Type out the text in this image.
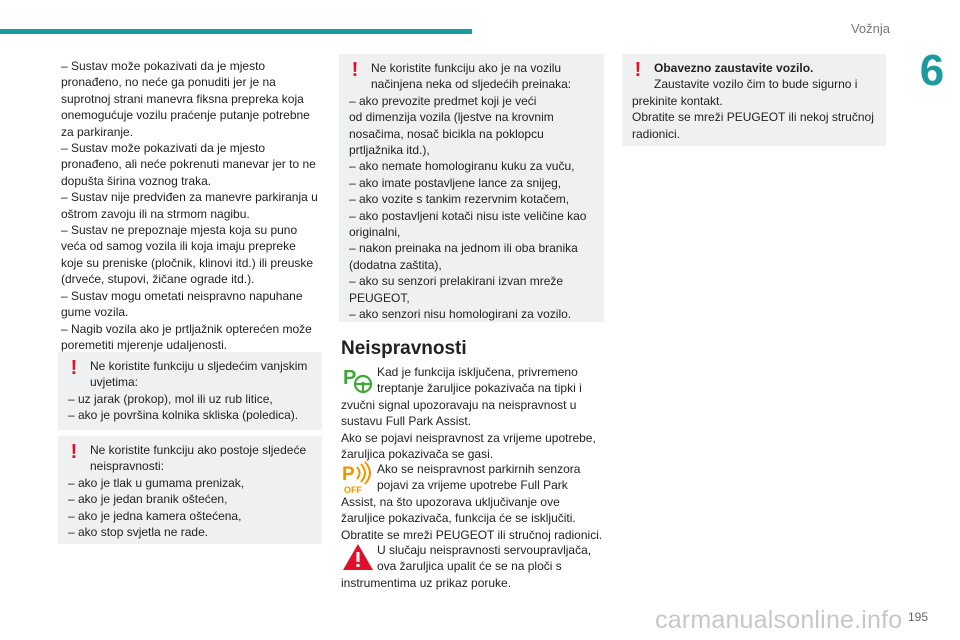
Vožnja
6

– Sustav može pokazivati da je mjesto

pronađeno, no neće ga ponuditi jer je na

suprotnoj strani manevra fiksna prepreka koja

onemogućuje vozilu praćenje putanje potrebne

za parkiranje.

– Sustav može pokazivati da je mjesto

pronađeno, ali neće pokrenuti manevar jer to ne

dopušta širina voznog traka.

– Sustav nije predviđen za manevre parkiranja u

oštrom zavoju ili na strmom nagibu.

– Sustav ne prepoznaje mjesta koja su puno

veća od samog vozila ili koja imaju prepreke

koje su preniske (pločnik, klinovi itd.) ili preuske

(drveće, stupovi, žičane ograde itd.).

– Sustav mogu ometati neispravno napuhane

gume vozila.

– Nagib vozila ako je prtljažnik opterećen može

poremetiti mjerenje udaljenosti.

! Ne koristite funkciju u sljedećim vanjskim
uvjetima:
– uz jarak (prokop), mol ili uz rub litice,
– ako je površina kolnika skliska (poledica).
! Ne koristite funkciju ako postoje sljedeće
neispravnosti:
– ako je tlak u gumama prenizak,
– ako je jedan branik oštećen,
– ako je jedna kamera oštećena,
– ako stop svjetla ne rade.
! Ne koristite funkciju ako je na vozilu
načinjena neka od sljedećih preinaka:
– ako prevozite predmet koji je veći
od dimenzija vozila (ljestve na krovnim
nosačima, nosač bicikla na poklopcu
prtljažnika itd.),
– ako nemate homologiranu kuku za vuču,
– ako imate postavljene lance za snijeg,
– ako vozite s tankim rezervnim kotačem,
– ako postavljeni kotači nisu iste veličine kao
originalni,
– nakon preinaka na jednom ili oba branika
(dodatna zaštita),
– ako su senzori prelakirani izvan mreže
PEUGEOT,
– ako senzori nisu homologirani za vozilo.
Neispravnosti
P	Kad je funkcija isključena, privremeno
treptanje žaruljice pokazivača na tipki i
zvučni signal upozoravaju na neispravnost u
sustavu Full Park Assist.
Ako se pojavi neispravnost za vrijeme upotrebe,
žaruljica pokazivača se gasi.
P
OFF
Ako se neispravnost parkirnih senzora
pojavi za vrijeme upotrebe Full Park
Assist, na što upozorava uključivanje ove
žaruljice pokazivača, funkcija će se isključiti.
Obratite se mreži PEUGEOT ili stručnoj radionici.
U slučaju neispravnosti servoupravljača,
ova žaruljica upalit će se na ploči s
instrumentima uz prikaz poruke.
! Obavezno zaustavite vozilo.
Zaustavite vozilo čim to bude sigurno i
prekinite kontakt.
Obratite se mreži PEUGEOT ili nekoj stručnoj
radionici.
carmanualsonline.info 195
